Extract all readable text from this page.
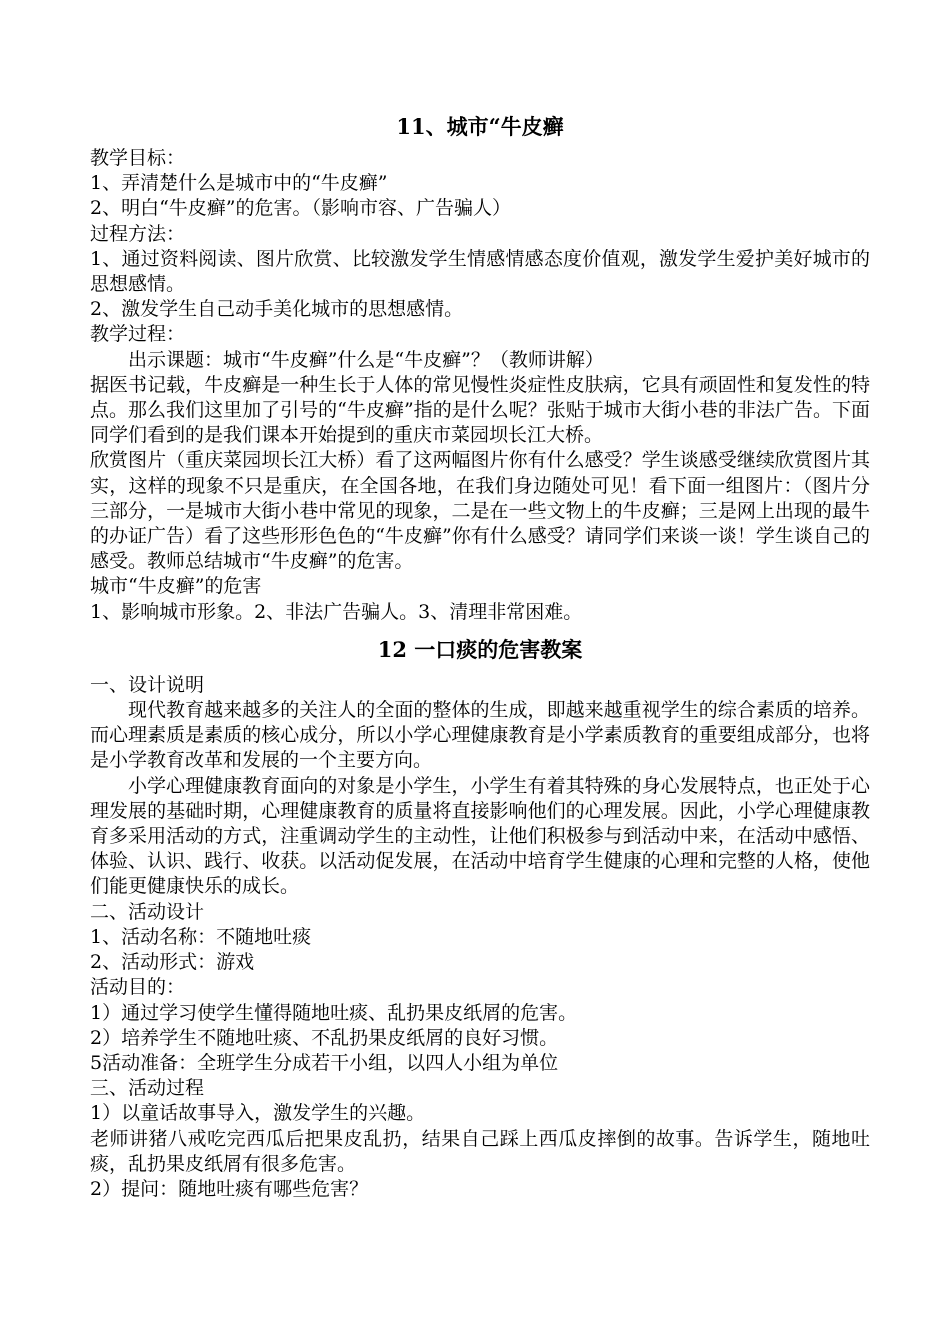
11、城市“牛皮癣

教学目标：

1、弄清楚什么是城市中的“牛皮癣”

2、明白“牛皮癣”的危害。（影响市容、广告骗人）

过程方法：

1、通过资料阅读、图片欣赏、比较激发学生情感情感态度价值观，激发学生爱护美好城市的思想感情。

2、激发学生自己动手美化城市的思想感情。

教学过程：

出示课题：城市“牛皮癣”什么是“牛皮癣”？（教师讲解）

据医书记载，牛皮癣是一种生长于人体的常见慢性炎症性皮肤病，它具有顽固性和复发性的特点。那么我们这里加了引号的“牛皮癣”指的是什么呢？张贴于城市大街小巷的非法广告。下面同学们看到的是我们课本开始提到的重庆市菜园坝长江大桥。

欣赏图片（重庆菜园坝长江大桥）看了这两幅图片你有什么感受？学生谈感受继续欣赏图片其实，这样的现象不只是重庆，在全国各地，在我们身边随处可见！看下面一组图片：（图片分三部分，一是城市大街小巷中常见的现象，二是在一些文物上的牛皮癣；三是网上出现的最牛的办证广告）看了这些形形色色的“牛皮癣”你有什么感受？请同学们来谈一谈！学生谈自己的感受。教师总结城市“牛皮癣”的危害。

城市“牛皮癣”的危害

1、影响城市形象。2、非法广告骗人。3、清理非常困难。

12 一口痰的危害教案

一、设计说明

现代教育越来越多的关注人的全面的整体的生成，即越来越重视学生的综合素质的培养。而心理素质是素质的核心成分，所以小学心理健康教育是小学素质教育的重要组成部分，也将是小学教育改革和发展的一个主要方向。

小学心理健康教育面向的对象是小学生，小学生有着其特殊的身心发展特点，也正处于心理发展的基础时期，心理健康教育的质量将直接影响他们的心理发展。因此，小学心理健康教育多采用活动的方式，注重调动学生的主动性，让他们积极参与到活动中来，在活动中感悟、体验、认识、践行、收获。以活动促发展，在活动中培育学生健康的心理和完整的人格，使他们能更健康快乐的成长。

二、活动设计

1、活动名称：不随地吐痰

2、活动形式：游戏

活动目的：

1）通过学习使学生懂得随地吐痰、乱扔果皮纸屑的危害。

2）培养学生不随地吐痰、不乱扔果皮纸屑的良好习惯。

5活动准备：全班学生分成若干小组，以四人小组为单位

三、活动过程

1）以童话故事导入，激发学生的兴趣。

老师讲猪八戒吃完西瓜后把果皮乱扔，结果自己踩上西瓜皮摔倒的故事。告诉学生，随地吐痰，乱扔果皮纸屑有很多危害。

2）提问：随地吐痰有哪些危害？
